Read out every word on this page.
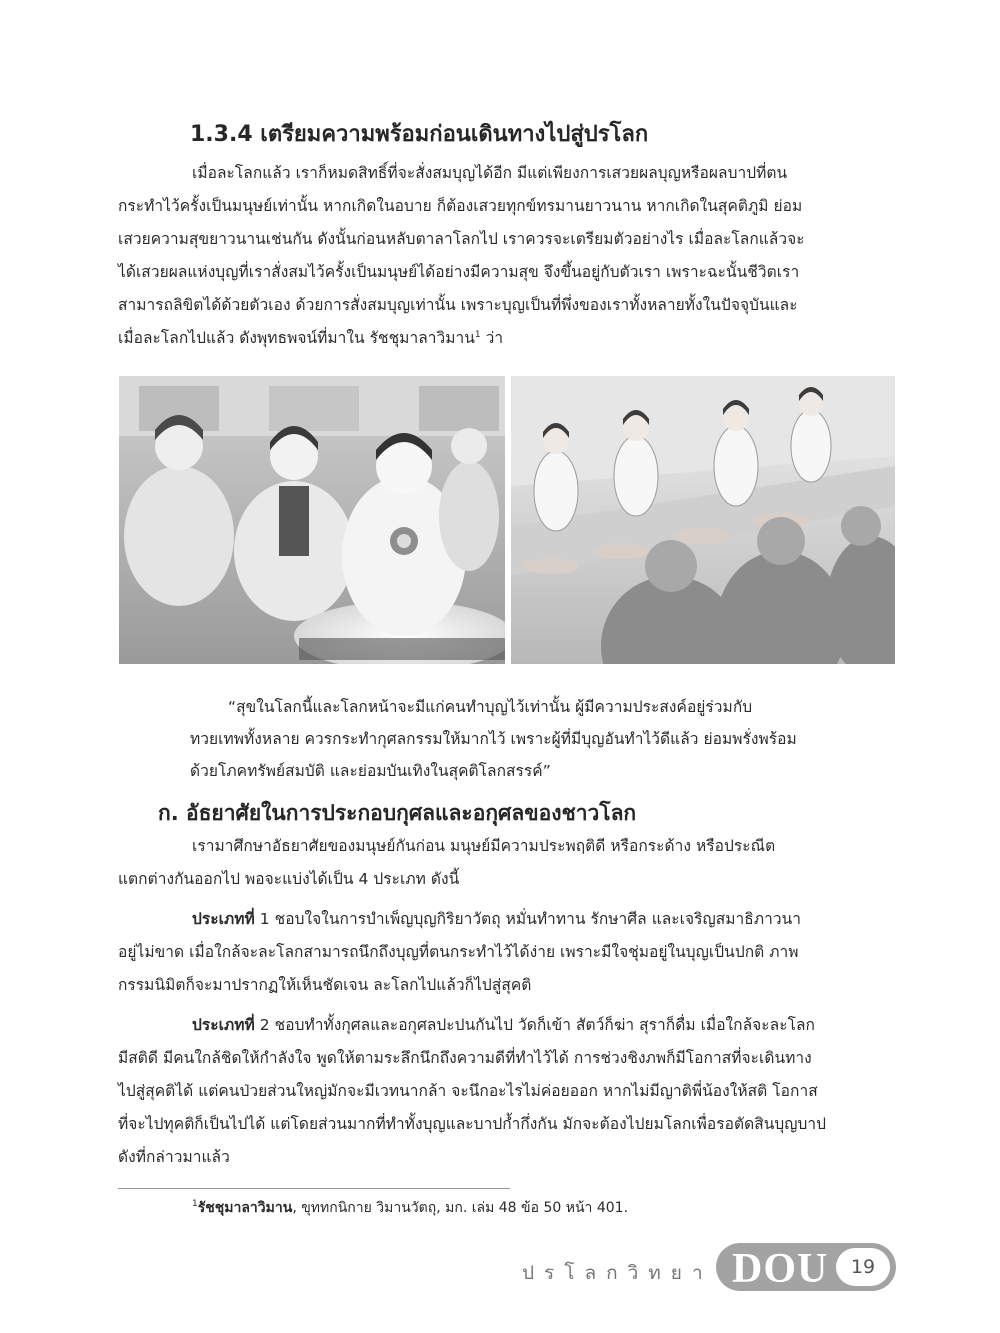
1.3.4 เตรียมความพร้อมก่อนเดินทางไปสู่ปรโลก
เมื่อละโลกแล้ว เราก็หมดสิทธิ์ที่จะสั่งสมบุญได้อีก มีแต่เพียงการเสวยผลบุญหรือผลบาปที่ตน
กระทำไว้ครั้งเป็นมนุษย์เท่านั้น หากเกิดในอบาย ก็ต้องเสวยทุกข์ทรมานยาวนาน หากเกิดในสุคติภูมิ ย่อม
เสวยความสุขยาวนานเช่นกัน ดังนั้นก่อนหลับตาลาโลกไป เราควรจะเตรียมตัวอย่างไร เมื่อละโลกแล้วจะ
ได้เสวยผลแห่งบุญที่เราสั่งสมไว้ครั้งเป็นมนุษย์ได้อย่างมีความสุข จึงขึ้นอยู่กับตัวเรา เพราะฉะนั้นชีวิตเรา
สามารถลิขิตได้ด้วยตัวเอง ด้วยการสั่งสมบุญเท่านั้น เพราะบุญเป็นที่พึ่งของเราทั้งหลายทั้งในปัจจุบันและ
เมื่อละโลกไปแล้ว ดังพุทธพจน์ที่มาใน รัชชุมาลาวิมาน$^1$ ว่า
“สุขในโลกนี้และโลกหน้าจะมีแก่คนทำบุญไว้เท่านั้น ผู้มีความประสงค์อยู่ร่วมกับ
ทวยเทพทั้งหลาย ควรกระทำกุศลกรรมให้มากไว้ เพราะผู้ที่มีบุญอันทำไว้ดีแล้ว ย่อมพรั่งพร้อม
ด้วยโภคทรัพย์สมบัติ และย่อมบันเทิงในสุคติโลกสรรค์”
ก. อัธยาศัยในการประกอบกุศลและอกุศลของชาวโลก
เรามาศึกษาอัธยาศัยของมนุษย์กันก่อน มนุษย์มีความประพฤติดี หรือกระด้าง หรือประณีต
แตกต่างกันออกไป พอจะแบ่งได้เป็น 4 ประเภท ดังนี้
ประเภทที่ 1 ชอบใจในการบำเพ็ญบุญกิริยาวัตถุ หมั่นทำทาน รักษาศีล และเจริญสมาธิภาวนา
อยู่ไม่ขาด เมื่อใกล้จะละโลกสามารถนึกถึงบุญที่ตนกระทำไว้ได้ง่าย เพราะมีใจชุ่มอยู่ในบุญเป็นปกติ ภาพ
กรรมนิมิตก็จะมาปรากฏให้เห็นชัดเจน ละโลกไปแล้วก็ไปสู่สุคติ
ประเภทที่ 2 ชอบทำทั้งกุศลและอกุศลปะปนกันไป วัดก็เข้า สัตว์ก็ฆ่า สุราก็ดื่ม เมื่อใกล้จะละโลก
มีสติดี มีคนใกล้ชิดให้กำลังใจ พูดให้ตามระลึกนึกถึงความดีที่ทำไว้ได้ การช่วงชิงภพก็มีโอกาสที่จะเดินทาง
ไปสู่สุคติได้ แต่คนป่วยส่วนใหญ่มักจะมีเวทนากล้า จะนึกอะไรไม่ค่อยออก หากไม่มีญาติพี่น้องให้สติ โอกาส
ที่จะไปทุคติก็เป็นไปได้ แต่โดยส่วนมากที่ทำทั้งบุญและบาปก้ำกึ่งกัน มักจะต้องไปยมโลกเพื่อรอตัดสินบุญบาป
ดังที่กล่าวมาแล้ว
$^1$รัชชุมาลาวิมาน, ขุททกนิกาย วิมานวัตถุ, มก. เล่ม 48 ข้อ 50 หน้า 401.
ปรโลกวิทยา DOU	19
